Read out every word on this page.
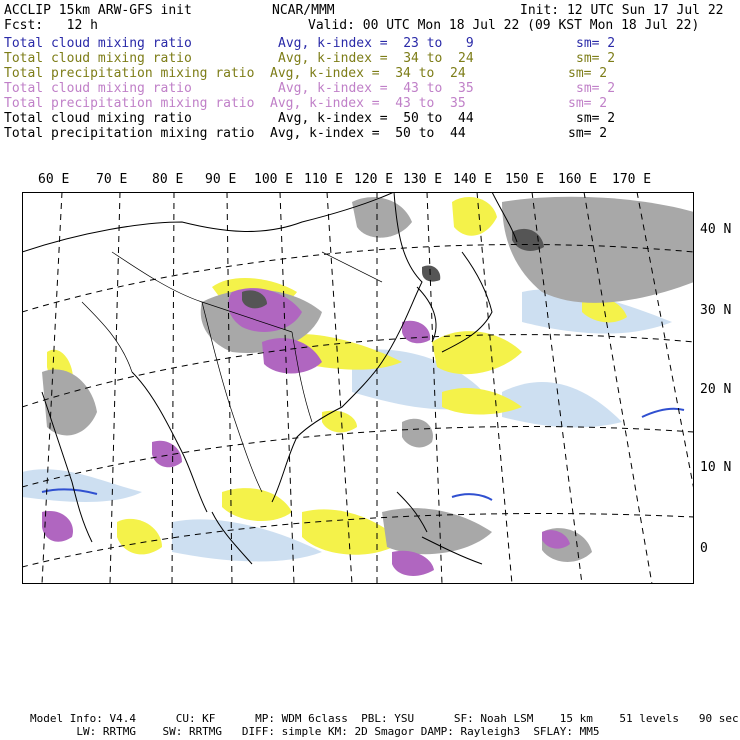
ACCLIP 15km ARW-GFS init	NCAR/MMM	Init: 12 UTC Sun 17 Jul 22
Fcst:   12 h	Valid: 00 UTC Mon 18 Jul 22 (09 KST Mon 18 Jul 22)
Total cloud mixing ratio	Avg, k-index =  23 to   9	sm= 2
Total cloud mixing ratio	Avg, k-index =  34 to  24	sm= 2
Total precipitation mixing ratio Avg, k-index =  34 to  24	sm= 2
Total cloud mixing ratio	Avg, k-index =  43 to  35	sm= 2
Total precipitation mixing ratio Avg, k-index =  43 to  35	sm= 2
Total cloud mixing ratio	Avg, k-index =  50 to  44	sm= 2
Total precipitation mixing ratio Avg, k-index =  50 to  44	sm= 2
60 E 70 E 80 E 90 E 100 E 110 E 120 E 130 E 140 E 150 E 160 E 170 E
40 N
30 N
20 N
10 N
0
Model Info: V4.4      CU: KF      MP: WDM 6class  PBL: YSU      SF: Noah LSM    15 km    51 levels   90 sec
LW: RRTMG    SW: RRTMG   DIFF: simple KM: 2D Smagor DAMP: Rayleigh3  SFLAY: MM5
